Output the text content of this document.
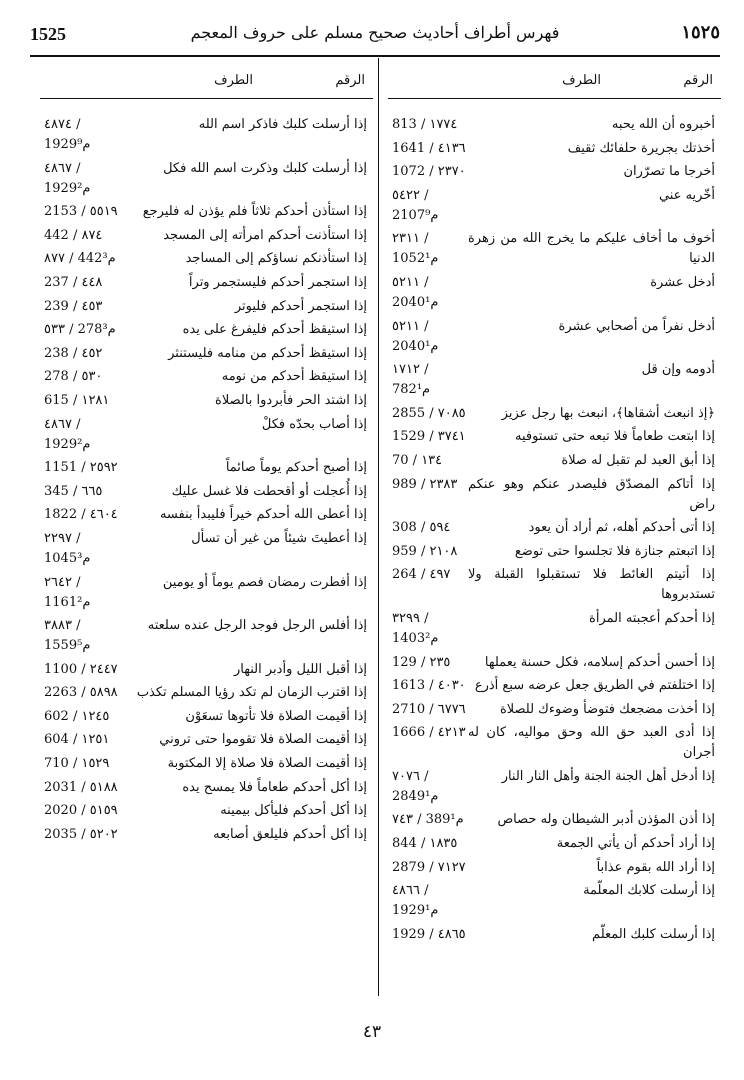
1525	فهرس أطراف أحاديث صحيح مسلم على حروف المعجم	١٥٢٥
الرقم
الطرف
أخبروه أن الله يحبه
813 / ١٧٧٤
أخذتك بجريرة حلفائك ثقيف
1641 / ٤١٣٦
أخرجا ما تصرّران
1072 / ٢٣٧٠
أخّريه عني
٥٤٢٢ / 2107م⁹
أخوف ما أخاف عليكم ما يخرج الله من زهرة الدنيا
٢٣١١ / 1052م¹
أدخل عشرة
٥٢١١ / 2040م¹
أدخل نفراً من أصحابي عشرة
٥٢١١ / 2040م¹
أدومه وإن قل
١٧١٢ / 782م¹
﴿إذ انبعث أشقاها﴾، انبعث بها رجل عزيز
2855 / ٧٠٨٥
إذا ابتعت طعاماً فلا تبعه حتى تستوفيه
1529 / ٣٧٤١
إذا أبق العبد لم تقبل له صلاة
70 / ١٣٤
إذا أتاكم المصدّق فليصدر عنكم وهو عنكم راض
989 / ٢٣٨٣
إذا أتى أحدكم أهله، ثم أراد أن يعود
308 / ٥٩٤
إذا اتبعتم جنازة فلا تجلسوا حتى توضع
959 / ٢١٠٨
إذا أتيتم الغائط فلا تستقبلوا القبلة ولا تستدبروها
264 / ٤٩٧
إذا أحدكم أعجبته المرأة
٣٢٩٩ / 1403م²
إذا أحسن أحدكم إسلامه، فكل حسنة يعملها
129 / ٢٣٥
إذا اختلفتم في الطريق جعل عرضه سبع أذرع
1613 / ٤٠٣٠
إذا أخذت مضجعك فتوضأ وضوءك للصلاة
2710 / ٦٧٧٦
إذا أدى العبد حق الله وحق مواليه، كان له أجران
1666 / ٤٢١٣
إذا أدخل أهل الجنة الجنة وأهل النار النار
٧٠٧٦ / 2849م¹
إذا أذن المؤذن أدبر الشيطان وله حصاص
٧٤٣ / 389م¹
إذا أراد أحدكم أن يأتي الجمعة
844 / ١٨٣٥
إذا أراد الله بقوم عذاباً
2879 / ٧١٢٧
إذا أرسلت كلابك المعلّمة
٤٨٦٦ / 1929م¹
إذا أرسلت كلبك المعلّم
1929 / ٤٨٦٥
الرقم
الطرف
إذا أرسلت كلبك فاذكر اسم الله
٤٨٧٤ / 1929م⁹
إذا أرسلت كلبك وذكرت اسم الله فكل
٤٨٦٧ / 1929م²
إذا استأذن أحدكم ثلاثاً فلم يؤذن له فليرجع
2153 / ٥٥١٩
إذا استأذنت أحدكم امرأته إلى المسجد
442 / ٨٧٤
إذا استأذنكم نساؤكم إلى المساجد
٨٧٧ / 442م³
إذا استجمر أحدكم فليستجمر وتراً
237 / ٤٤٨
إذا استجمر أحدكم فليوتر
239 / ٤٥٣
إذا استيقظ أحدكم فليفرغ على يده
٥٣٣ / 278م³
إذا استيقظ أحدكم من منامه فليستنثر
238 / ٤٥٢
إذا استيقظ أحدكم من نومه
278 / ٥٣٠
إذا اشتد الحر فأبردوا بالصلاة
615 / ١٢٨١
إذا أصاب بحدّه فكلْ
٤٨٦٧ / 1929م²
إذا أصبح أحدكم يوماً صائماً
1151 / ٢٥٩٢
إذا أُعجلت أو أقحطت فلا غسل عليك
345 / ٦٦٥
إذا أعطى الله أحدكم خيراً فليبدأ بنفسه
1822 / ٤٦٠٤
إذا أعطيتَ شيئاً من غير أن تسأل
٢٢٩٧ / 1045م³
إذا أفطرت رمضان فصم يوماً أو يومين
٢٦٤٢ / 1161م²
إذا أفلس الرجل فوجد الرجل عنده سلعته
٣٨٨٣ / 1559م⁵
إذا أقبل الليل وأدبر النهار
1100 / ٢٤٤٧
إذا اقترب الزمان لم تكد رؤيا المسلم تكذب
2263 / ٥٨٩٨
إذا أقيمت الصلاة فلا تأتوها تسعَوْن
602 / ١٢٤٥
إذا أقيمت الصلاة فلا تقوموا حتى تروني
604 / ١٢٥١
إذا أقيمت الصلاة فلا صلاة إلا المكتوبة
710 / ١٥٢٩
إذا أكل أحدكم طعاماً فلا يمسح يده
2031 / ٥١٨٨
إذا أكل أحدكم فليأكل بيمينه
2020 / ٥١٥٩
إذا أكل أحدكم فليلعق أصابعه
2035 / ٥٢٠٢
٤٣
